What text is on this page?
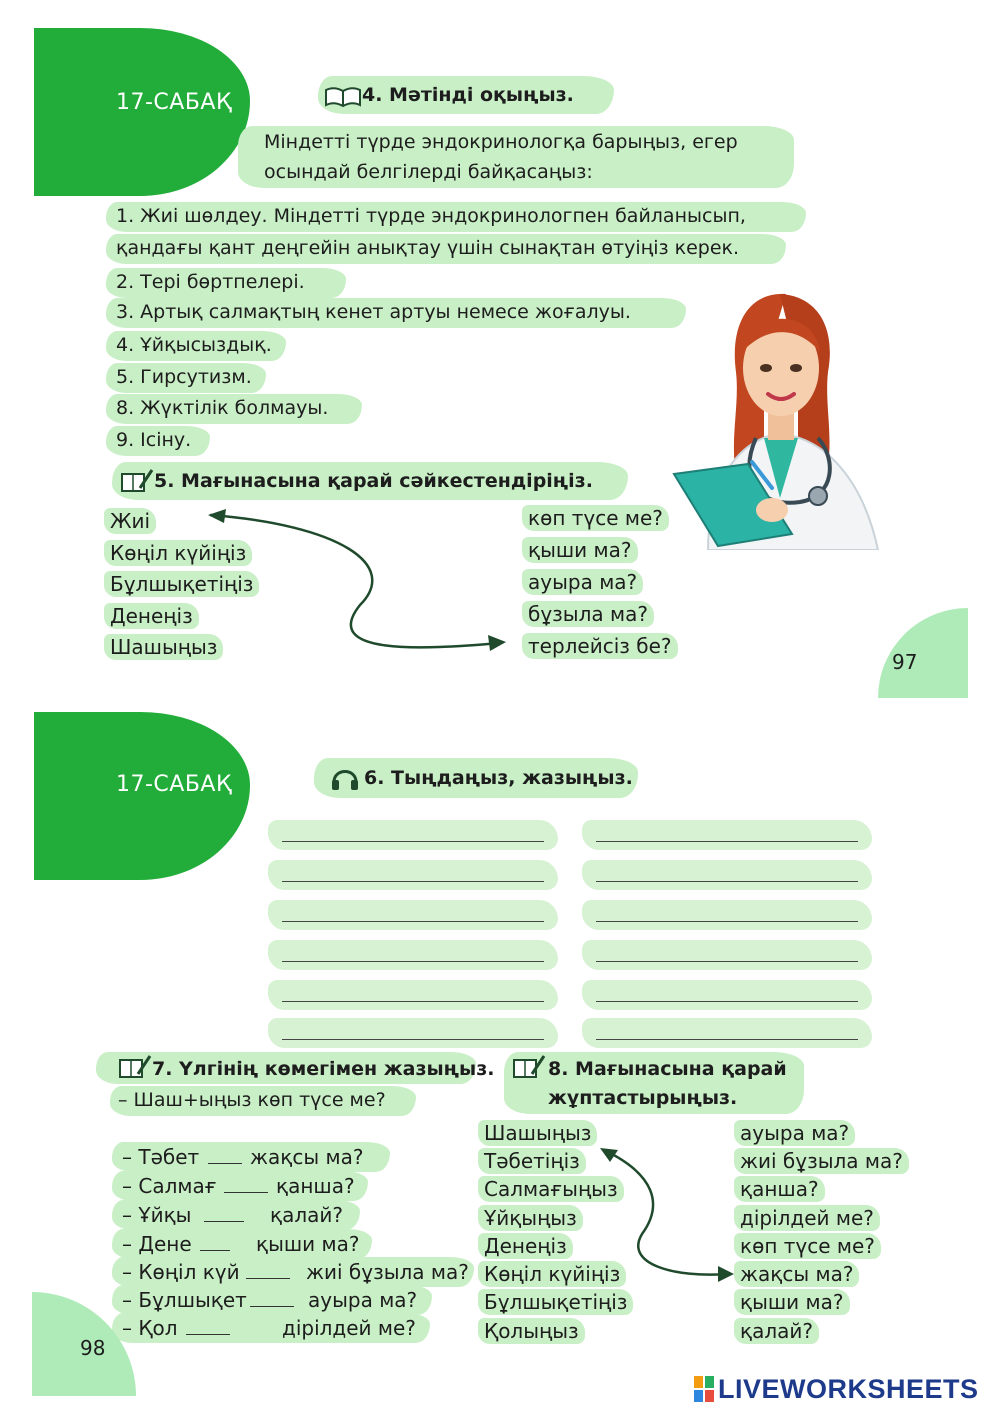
17-САБАҚ	4. Мәтінді оқыңыз.
Міндетті түрде эндокринологқа барыңыз, егер
осындай белгілерді байқасаңыз:
1. Жиі шөлдеу. Міндетті түрде эндокринологпен байланысып,
қандағы қант деңгейін анықтау үшін сынақтан өтуіңіз керек.
2. Тері бөртпелері.
3. Артық салмақтың кенет артуы немесе жоғалуы.
4. Ұйқысыздық.
5. Гирсутизм.
8. Жүктілік болмауы.
9. Ісіну.
5. Мағынасына қарай сәйкестендіріңіз.
Жиі
Көңіл күйіңіз
Бұлшықетіңіз
Денеңіз
Шашыңыз
көп түсе ме?
қыши ма?
ауыра ма?
бұзыла ма?
терлейсіз бе?
97
17-САБАҚ	6. Тыңдаңыз, жазыңыз.
7. Үлгінің көмегімен жазыңыз.
– Шаш+ыңыз көп түсе ме?
– Тәбет	жақсы ма?
– Салмағ	қанша?
– Ұйқы	қалай?
– Дене	қыши ма?
– Көңіл күй	жиі бұзыла ма?
– Бұлшықет	ауыра ма?
– Қол	дірілдей ме?
8. Мағынасына қарай
жұптастырыңыз.
Шашыңыз
Тәбетіңіз
Салмағыңыз
Ұйқыңыз
Денеңіз
Көңіл күйіңіз
Бұлшықетіңіз
Қолыңыз
ауыра ма?
жиі бұзыла ма?
қанша?
дірілдей ме?
көп түсе ме?
жақсы ма?
қыши ма?
қалай?
98
LIVEWORKSHEETS
